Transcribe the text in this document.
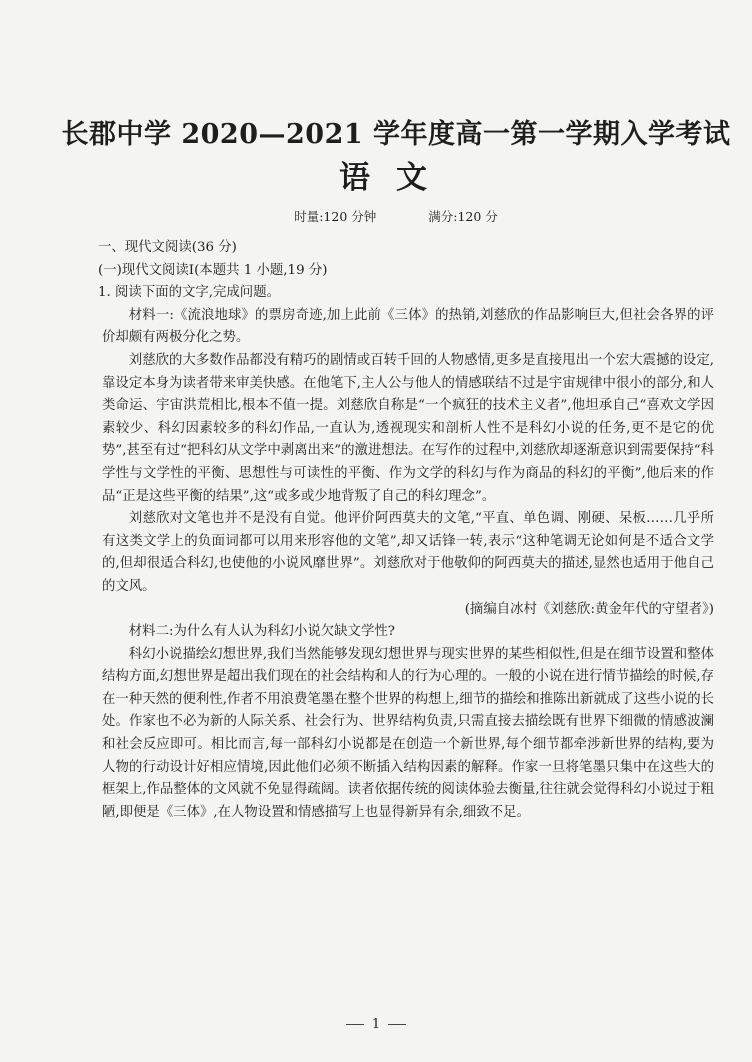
长郡中学 2020—2021 学年度高一第一学期入学考试
语文
时量:120 分钟	满分:120 分

一、现代文阅读(36 分)

(一)现代文阅读Ⅰ(本题共 1 小题,19 分)

1. 阅读下面的文字,完成问题。

材料一:《流浪地球》的票房奇迹,加上此前《三体》的热销,刘慈欣的作品影响巨大,但社会各界的评价却颇有两极分化之势。

刘慈欣的大多数作品都没有精巧的剧情或百转千回的人物感情,更多是直接甩出一个宏大震撼的设定,靠设定本身为读者带来审美快感。在他笔下,主人公与他人的情感联结不过是宇宙规律中很小的部分,和人类命运、宇宙洪荒相比,根本不值一提。刘慈欣自称是“一个疯狂的技术主义者”,他坦承自己“喜欢文学因素较少、科幻因素较多的科幻作品,一直认为,透视现实和剖析人性不是科幻小说的任务,更不是它的优势”,甚至有过“把科幻从文学中剥离出来”的激进想法。在写作的过程中,刘慈欣却逐渐意识到需要保持“科学性与文学性的平衡、思想性与可读性的平衡、作为文学的科幻与作为商品的科幻的平衡”,他后来的作品“正是这些平衡的结果”,这“或多或少地背叛了自己的科幻理念”。

刘慈欣对文笔也并不是没有自觉。他评价阿西莫夫的文笔,“平直、单色调、刚硬、呆板……几乎所有这类文学上的负面词都可以用来形容他的文笔”,却又话锋一转,表示“这种笔调无论如何是不适合文学的,但却很适合科幻,也使他的小说风靡世界”。刘慈欣对于他敬仰的阿西莫夫的描述,显然也适用于他自己的文风。

(摘编自冰村《刘慈欣:黄金年代的守望者》)

材料二:为什么有人认为科幻小说欠缺文学性?

科幻小说描绘幻想世界,我们当然能够发现幻想世界与现实世界的某些相似性,但是在细节设置和整体结构方面,幻想世界是超出我们现在的社会结构和人的行为心理的。一般的小说在进行情节描绘的时候,存在一种天然的便利性,作者不用浪费笔墨在整个世界的构想上,细节的描绘和推陈出新就成了这些小说的长处。作家也不必为新的人际关系、社会行为、世界结构负责,只需直接去描绘既有世界下细微的情感波澜和社会反应即可。相比而言,每一部科幻小说都是在创造一个新世界,每个细节都牵涉新世界的结构,要为人物的行动设计好相应情境,因此他们必须不断插入结构因素的解释。作家一旦将笔墨只集中在这些大的框架上,作品整体的文风就不免显得疏阔。读者依据传统的阅读体验去衡量,往往就会觉得科幻小说过于粗陋,即便是《三体》,在人物设置和情感描写上也显得新异有余,细致不足。

1
